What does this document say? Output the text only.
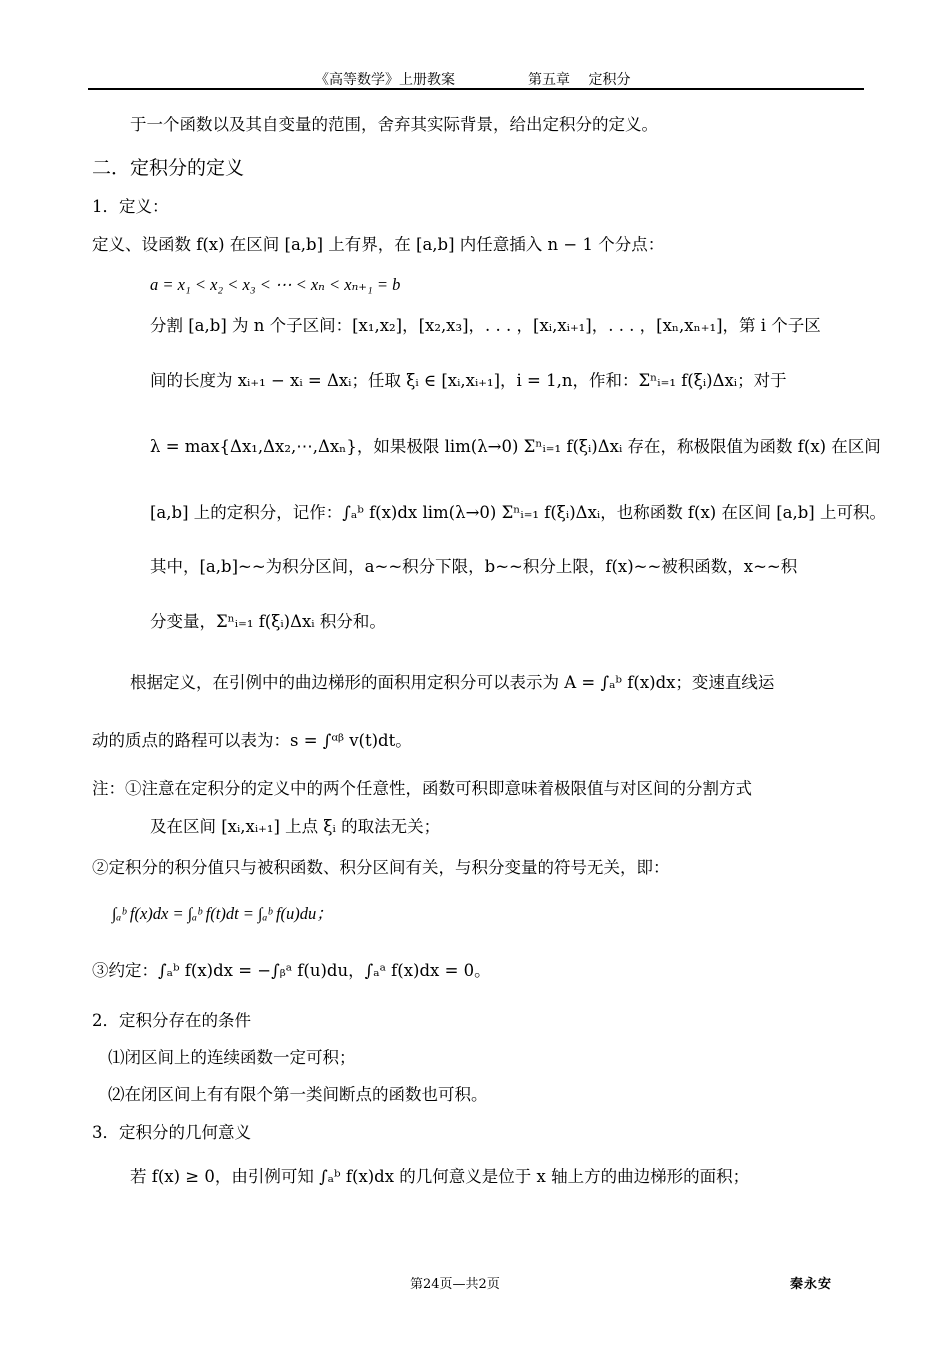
《高等数学》上册教案	第五章　 定积分
于一个函数以及其自变量的范围，舍弃其实际背景，给出定积分的定义。
二．定积分的定义
1．定义：
定义、设函数 f(x) 在区间 [a,b] 上有界，在 [a,b] 内任意插入 n − 1 个分点：
a = x₁ < x₂ < x₃ < ⋯ < xₙ < xₙ₊₁ = b
分割 [a,b] 为 n 个子区间：[x₁,x₂]，[x₂,x₃]，. . . ，[xᵢ,xᵢ₊₁]，. . . ，[xₙ,xₙ₊₁]，第 i 个子区
间的长度为 xᵢ₊₁ − xᵢ = Δxᵢ；任取 ξᵢ ∈ [xᵢ,xᵢ₊₁]，i = 1,n，作和：Σⁿᵢ₌₁ f(ξᵢ)Δxᵢ；对于
λ = max{Δx₁,Δx₂,⋯,Δxₙ}，如果极限 lim(λ→0) Σⁿᵢ₌₁ f(ξᵢ)Δxᵢ 存在，称极限值为函数 f(x) 在区间
[a,b] 上的定积分，记作：∫ₐᵇ f(x)dx lim(λ→0) Σⁿᵢ₌₁ f(ξᵢ)Δxᵢ，也称函数 f(x) 在区间 [a,b] 上可积。
其中，[a,b]~~为积分区间，a~~积分下限，b~~积分上限，f(x)~~被积函数，x~~积
分变量，Σⁿᵢ₌₁ f(ξᵢ)Δxᵢ 积分和。
根据定义，在引例中的曲边梯形的面积用定积分可以表示为 A = ∫ₐᵇ f(x)dx；变速直线运
动的质点的路程可以表为：s = ∫ᵅᵝ v(t)dt。
注：①注意在定积分的定义中的两个任意性，函数可积即意味着极限值与对区间的分割方式
及在区间 [xᵢ,xᵢ₊₁] 上点 ξᵢ 的取法无关；
②定积分的积分值只与被积函数、积分区间有关，与积分变量的符号无关，即：
∫ₐᵇ f(x)dx = ∫ₐᵇ f(t)dt = ∫ₐᵇ f(u)du；
③约定：∫ₐᵇ f(x)dx = −∫ᵦᵃ f(u)du，∫ₐᵃ f(x)dx = 0。
2．定积分存在的条件
⑴闭区间上的连续函数一定可积；
⑵在闭区间上有有限个第一类间断点的函数也可积。
3．定积分的几何意义
若 f(x) ≥ 0，由引例可知 ∫ₐᵇ f(x)dx 的几何意义是位于 x 轴上方的曲边梯形的面积；
第24页—共2页	秦永安
